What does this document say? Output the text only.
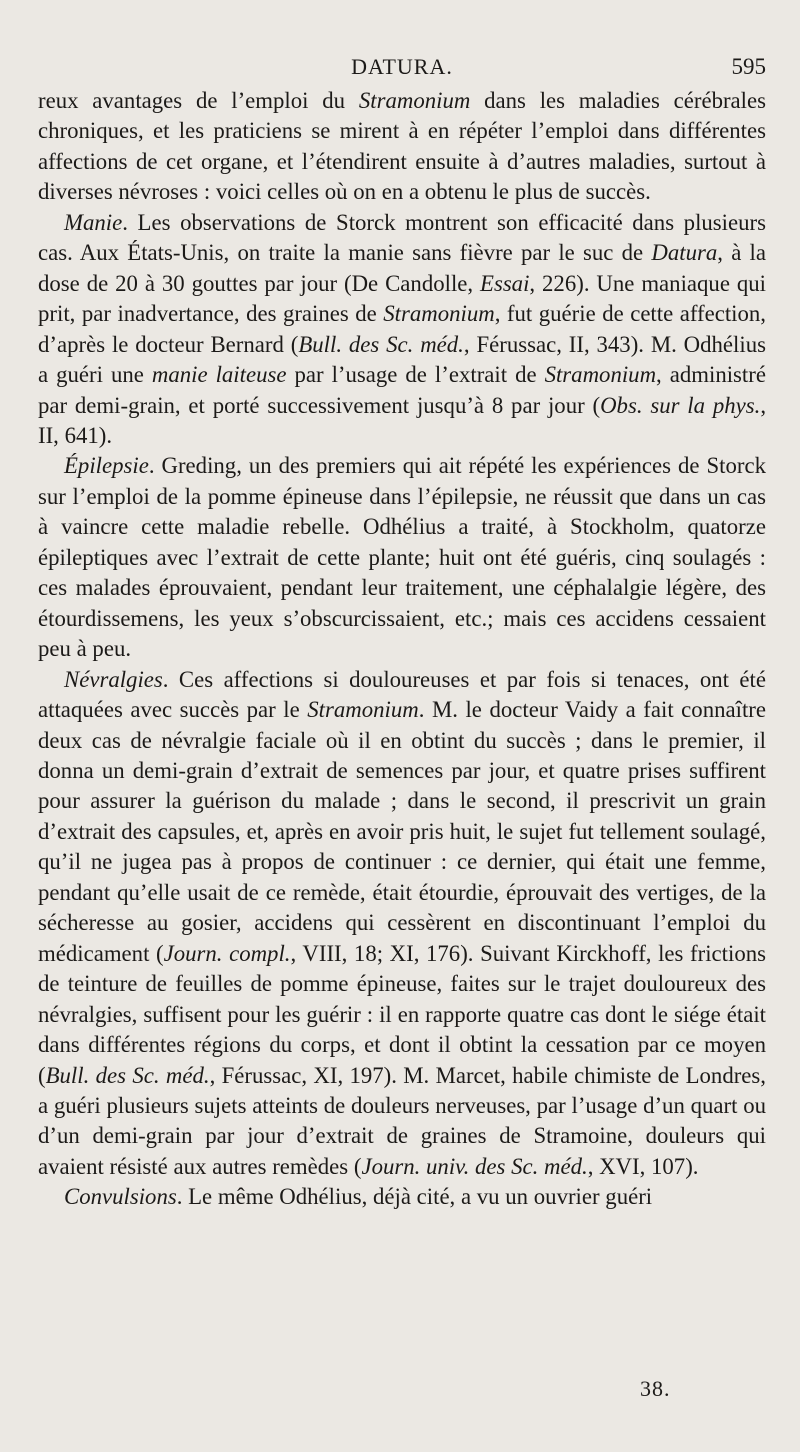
DATURA.	595

reux avantages de l’emploi du Stramonium dans les maladies cérébrales chroniques, et les praticiens se mirent à en répéter l’emploi dans différentes affections de cet organe, et l’étendirent ensuite à d’autres maladies, surtout à diverses névroses : voici celles où on en a obtenu le plus de succès.

Manie. Les observations de Storck montrent son efficacité dans plusieurs cas. Aux États-Unis, on traite la manie sans fièvre par le suc de Datura, à la dose de 20 à 30 gouttes par jour (De Candolle, Essai, 226). Une maniaque qui prit, par inadvertance, des graines de Stramonium, fut guérie de cette affection, d’après le docteur Bernard (Bull. des Sc. méd., Férussac, II, 343). M. Odhélius a guéri une manie laiteuse par l’usage de l’extrait de Stramonium, administré par demi-grain, et porté successivement jusqu’à 8 par jour (Obs. sur la phys., II, 641).

Épilepsie. Greding, un des premiers qui ait répété les expériences de Storck sur l’emploi de la pomme épineuse dans l’épilepsie, ne réussit que dans un cas à vaincre cette maladie rebelle. Odhélius a traité, à Stockholm, quatorze épileptiques avec l’extrait de cette plante; huit ont été guéris, cinq soulagés : ces malades éprouvaient, pendant leur traitement, une céphalalgie légère, des étourdissemens, les yeux s’obscurcissaient, etc.; mais ces accidens cessaient peu à peu.

Névralgies. Ces affections si douloureuses et par fois si tenaces, ont été attaquées avec succès par le Stramonium. M. le docteur Vaidy a fait connaître deux cas de névralgie faciale où il en obtint du succès ; dans le premier, il donna un demi-grain d’extrait de semences par jour, et quatre prises suffirent pour assurer la guérison du malade ; dans le second, il prescrivit un grain d’extrait des capsules, et, après en avoir pris huit, le sujet fut tellement soulagé, qu’il ne jugea pas à propos de continuer : ce dernier, qui était une femme, pendant qu’elle usait de ce remède, était étourdie, éprouvait des vertiges, de la sécheresse au gosier, accidens qui cessèrent en discontinuant l’emploi du médicament (Journ. compl., VIII, 18; XI, 176). Suivant Kirckhoff, les frictions de teinture de feuilles de pomme épineuse, faites sur le trajet douloureux des névralgies, suffisent pour les guérir : il en rapporte quatre cas dont le siége était dans différentes régions du corps, et dont il obtint la cessation par ce moyen (Bull. des Sc. méd., Férussac, XI, 197). M. Marcet, habile chimiste de Londres, a guéri plusieurs sujets atteints de douleurs nerveuses, par l’usage d’un quart ou d’un demi-grain par jour d’extrait de graines de Stramoine, douleurs qui avaient résisté aux autres remèdes (Journ. univ. des Sc. méd., XVI, 107).

Convulsions. Le même Odhélius, déjà cité, a vu un ouvrier guéri

38.
